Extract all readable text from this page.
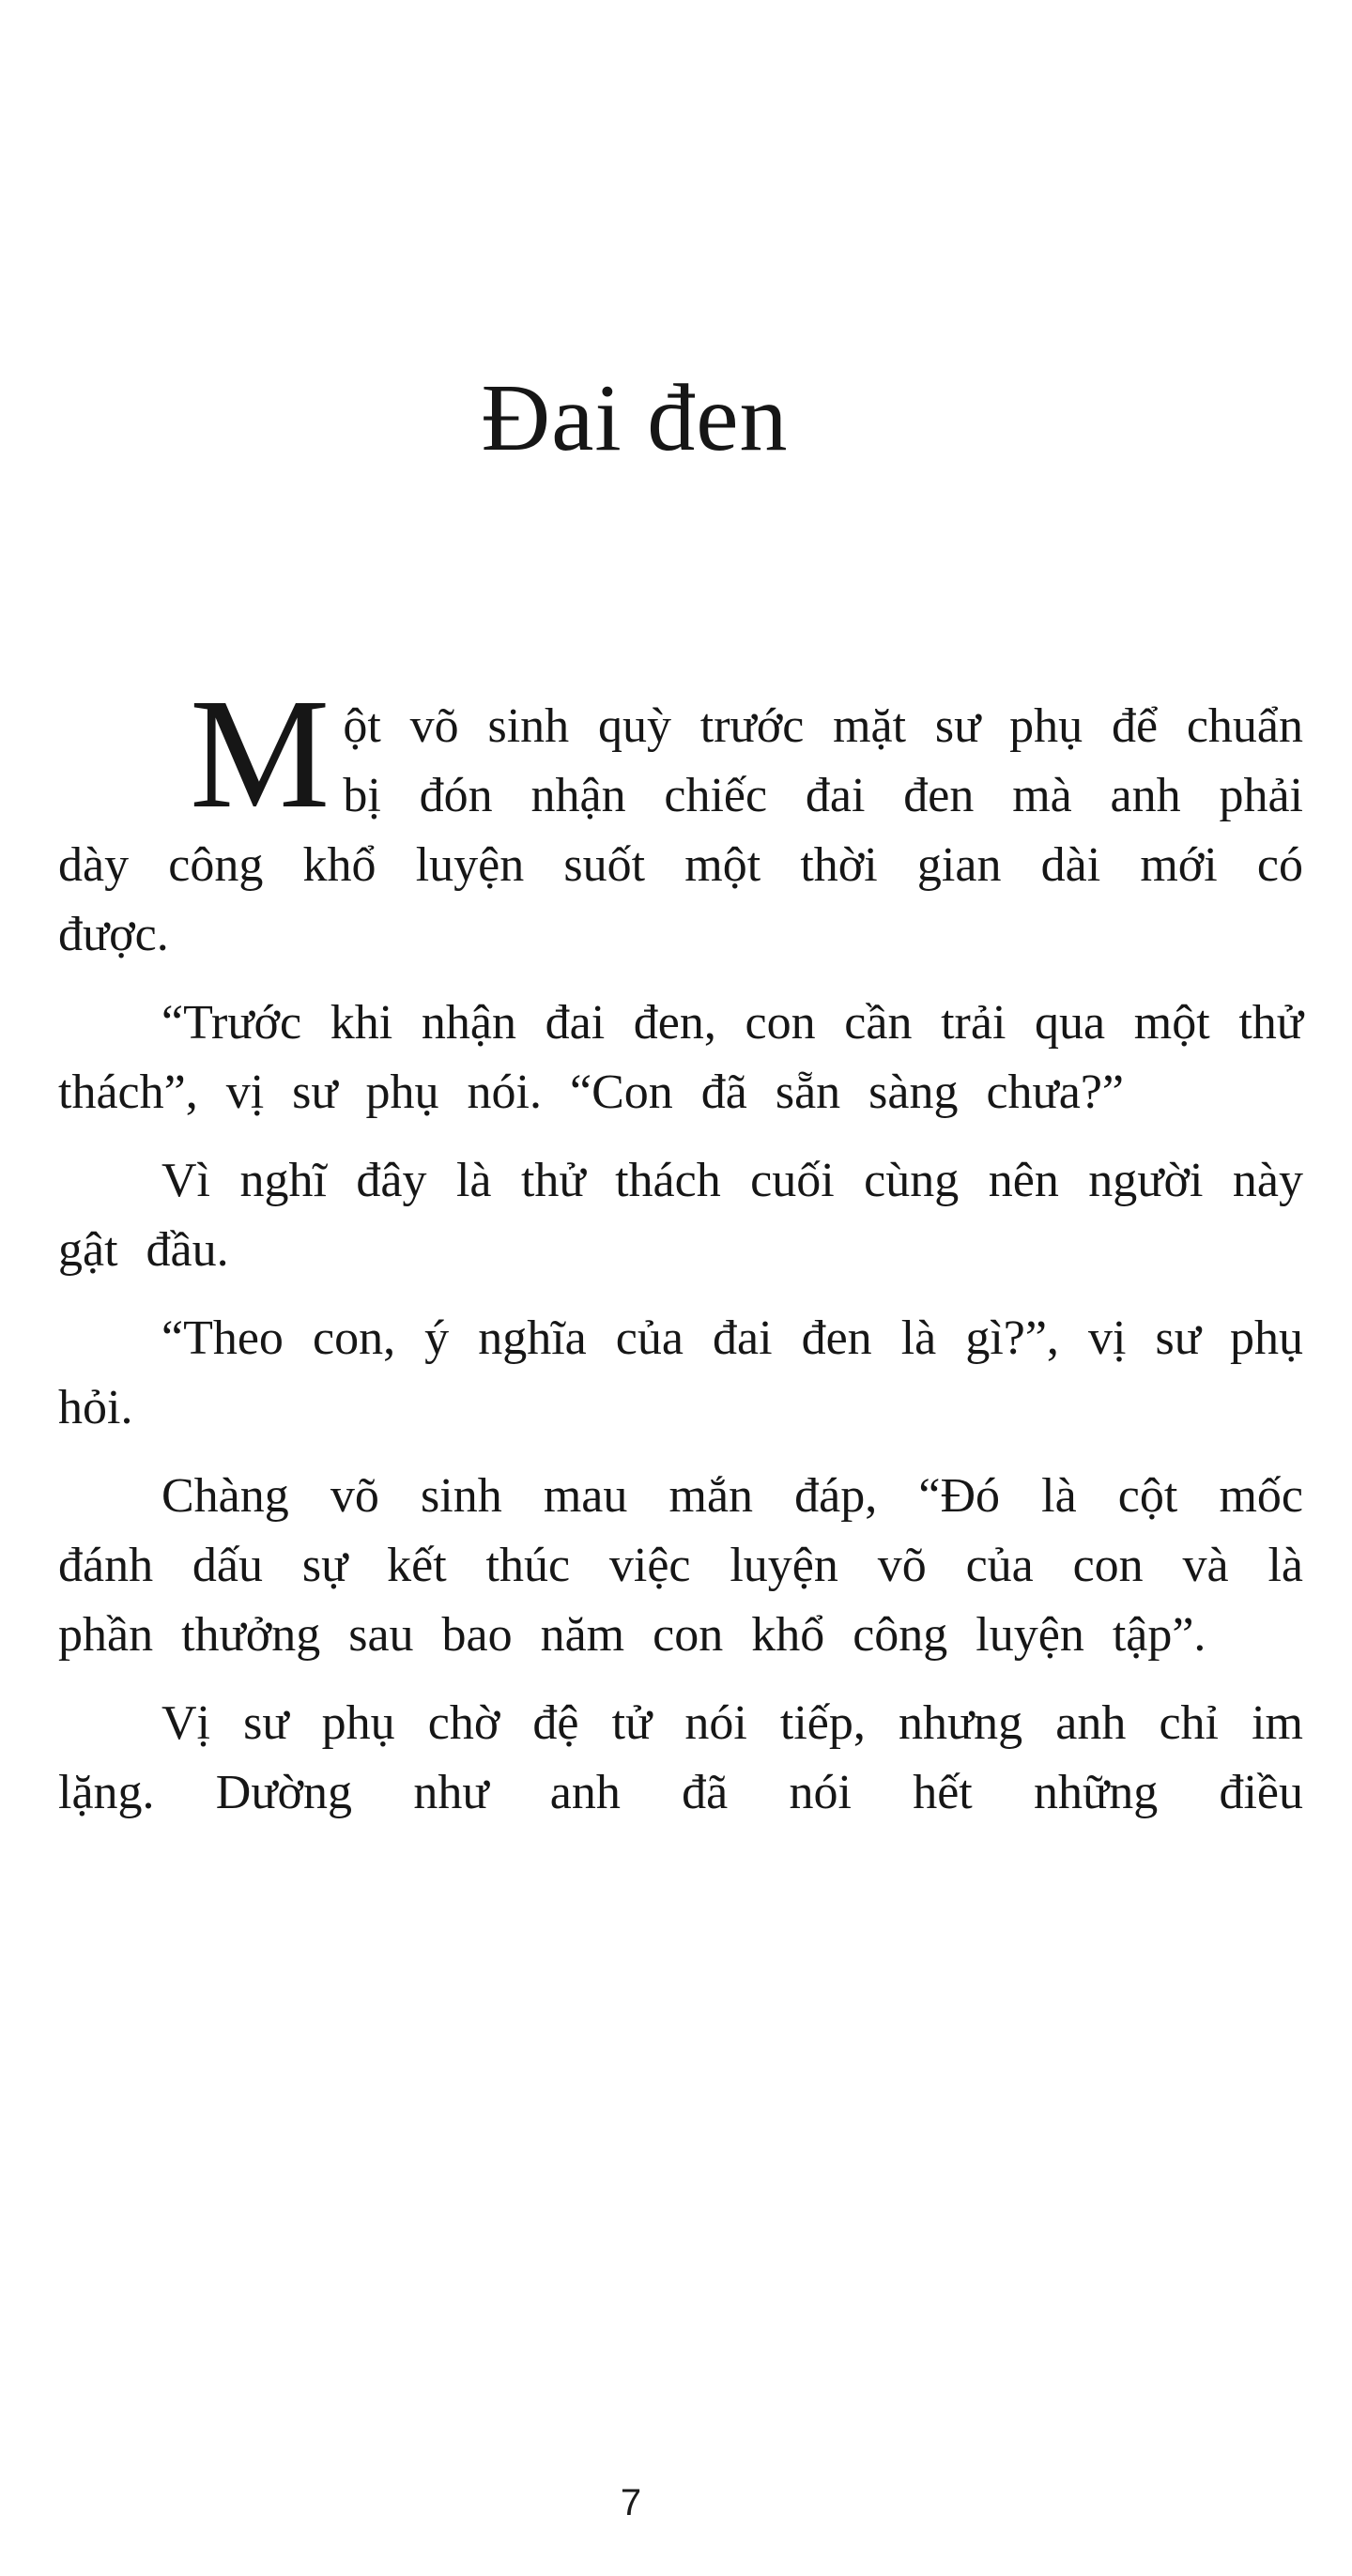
Đai đen

Một võ sinh quỳ trước mặt sư phụ để chuẩn bị đón nhận chiếc đai đen mà anh phải dày công khổ luyện suốt một thời gian dài mới có được.

“Trước khi nhận đai đen, con cần trải qua một thử thách”, vị sư phụ nói. “Con đã sẵn sàng chưa?”

Vì nghĩ đây là thử thách cuối cùng nên người này gật đầu.

“Theo con, ý nghĩa của đai đen là gì?”, vị sư phụ hỏi.

Chàng võ sinh mau mắn đáp, “Đó là cột mốc đánh dấu sự kết thúc việc luyện võ của con và là phần thưởng sau bao năm con khổ công luyện tập”.

Vị sư phụ chờ đệ tử nói tiếp, nhưng anh chỉ im lặng. Dường như anh đã nói hết những điều

7
